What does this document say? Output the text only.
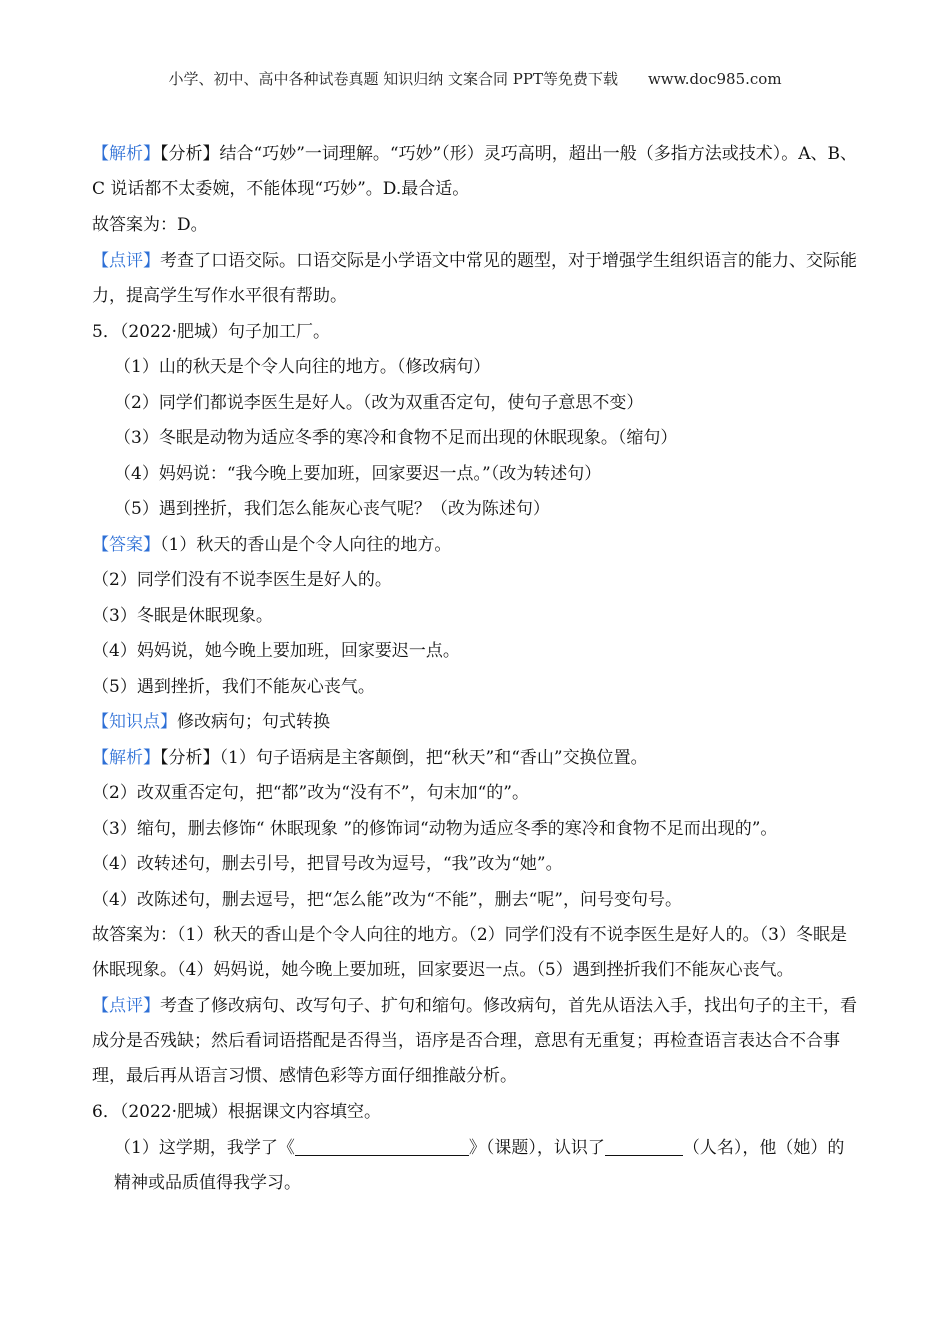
小学、初中、高中各种试卷真题 知识归纳 文案合同 PPT等免费下载 www.doc985.com
【解析】【分析】结合“巧妙”一词理解。“巧妙”（形）灵巧高明，超出一般（多指方法或技术）。A、B、C 说话都不太委婉，不能体现“巧妙”。D.最合适。
故答案为：D。
【点评】考查了口语交际。口语交际是小学语文中常见的题型，对于增强学生组织语言的能力、交际能力，提高学生写作水平很有帮助。
5．（2022·肥城）句子加工厂。
（1）山的秋天是个令人向往的地方。（修改病句）
（2）同学们都说李医生是好人。（改为双重否定句，使句子意思不变）
（3）冬眠是动物为适应冬季的寒冷和食物不足而出现的休眠现象。（缩句）
（4）妈妈说：“我今晚上要加班，回家要迟一点。”（改为转述句）
（5）遇到挫折，我们怎么能灰心丧气呢？（改为陈述句）
【答案】（1）秋天的香山是个令人向往的地方。
（2）同学们没有不说李医生是好人的。
（3）冬眠是休眠现象。
（4）妈妈说，她今晚上要加班，回家要迟一点。
（5）遇到挫折，我们不能灰心丧气。
【知识点】修改病句；句式转换
【解析】【分析】（1）句子语病是主客颠倒，把“秋天”和“香山”交换位置。
（2）改双重否定句，把“都”改为“没有不”，句末加“的”。
（3）缩句，删去修饰“ 休眠现象 ”的修饰词“动物为适应冬季的寒冷和食物不足而出现的”。
（4）改转述句，删去引号，把冒号改为逗号，“我”改为“她”。
（4）改陈述句，删去逗号，把“怎么能”改为“不能”，删去“呢”，问号变句号。
故答案为：（1）秋天的香山是个令人向往的地方。（2）同学们没有不说李医生是好人的。（3）冬眠是休眠现象。（4）妈妈说，她今晚上要加班，回家要迟一点。（5）遇到挫折我们不能灰心丧气。
【点评】考查了修改病句、改写句子、扩句和缩句。修改病句，首先从语法入手，找出句子的主干，看成分是否残缺；然后看词语搭配是否得当，语序是否合理，意思有无重复；再检查语言表达合不合事理，最后再从语言习惯、感情色彩等方面仔细推敲分析。
6．（2022·肥城）根据课文内容填空。
（1）这学期，我学了《	》（课题），认识了	（人名），他（她）的精神或品质值得我学习。
